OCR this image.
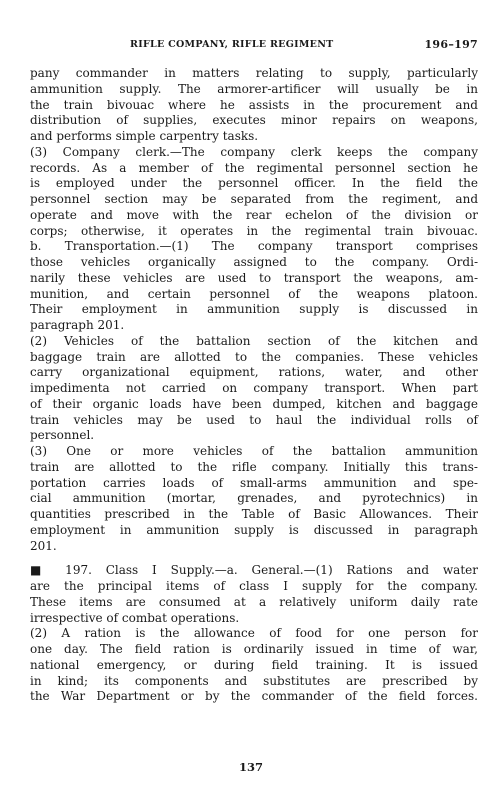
RIFLE COMPANY, RIFLE REGIMENT	196–197
pany commander in matters relating to supply, particularly
ammunition supply. The armorer-artificer will usually be in
the train bivouac where he assists in the procurement and
distribution of supplies, executes minor repairs on weapons,
and performs simple carpentry tasks.
(3) Company clerk.—The company clerk keeps the company
records. As a member of the regimental personnel section he
is employed under the personnel officer. In the field the
personnel section may be separated from the regiment, and
operate and move with the rear echelon of the division or
corps; otherwise, it operates in the regimental train bivouac.
b. Transportation.—(1) The company transport comprises
those vehicles organically assigned to the company. Ordi-
narily these vehicles are used to transport the weapons, am-
munition, and certain personnel of the weapons platoon.
Their employment in ammunition supply is discussed in
paragraph 201.
(2) Vehicles of the battalion section of the kitchen and
baggage train are allotted to the companies. These vehicles
carry organizational equipment, rations, water, and other
impedimenta not carried on company transport. When part
of their organic loads have been dumped, kitchen and baggage
train vehicles may be used to haul the individual rolls of
personnel.
(3) One or more vehicles of the battalion ammunition
train are allotted to the rifle company. Initially this trans-
portation carries loads of small-arms ammunition and spe-
cial ammunition (mortar, grenades, and pyrotechnics) in
quantities prescribed in the Table of Basic Allowances. Their
employment in ammunition supply is discussed in paragraph
201.
■ 197. Class I Supply.—a. General.—(1) Rations and water
are the principal items of class I supply for the company.
These items are consumed at a relatively uniform daily rate
irrespective of combat operations.
(2) A ration is the allowance of food for one person for
one day. The field ration is ordinarily issued in time of war,
national emergency, or during field training. It is issued
in kind; its components and substitutes are prescribed by
the War Department or by the commander of the field forces.
137
